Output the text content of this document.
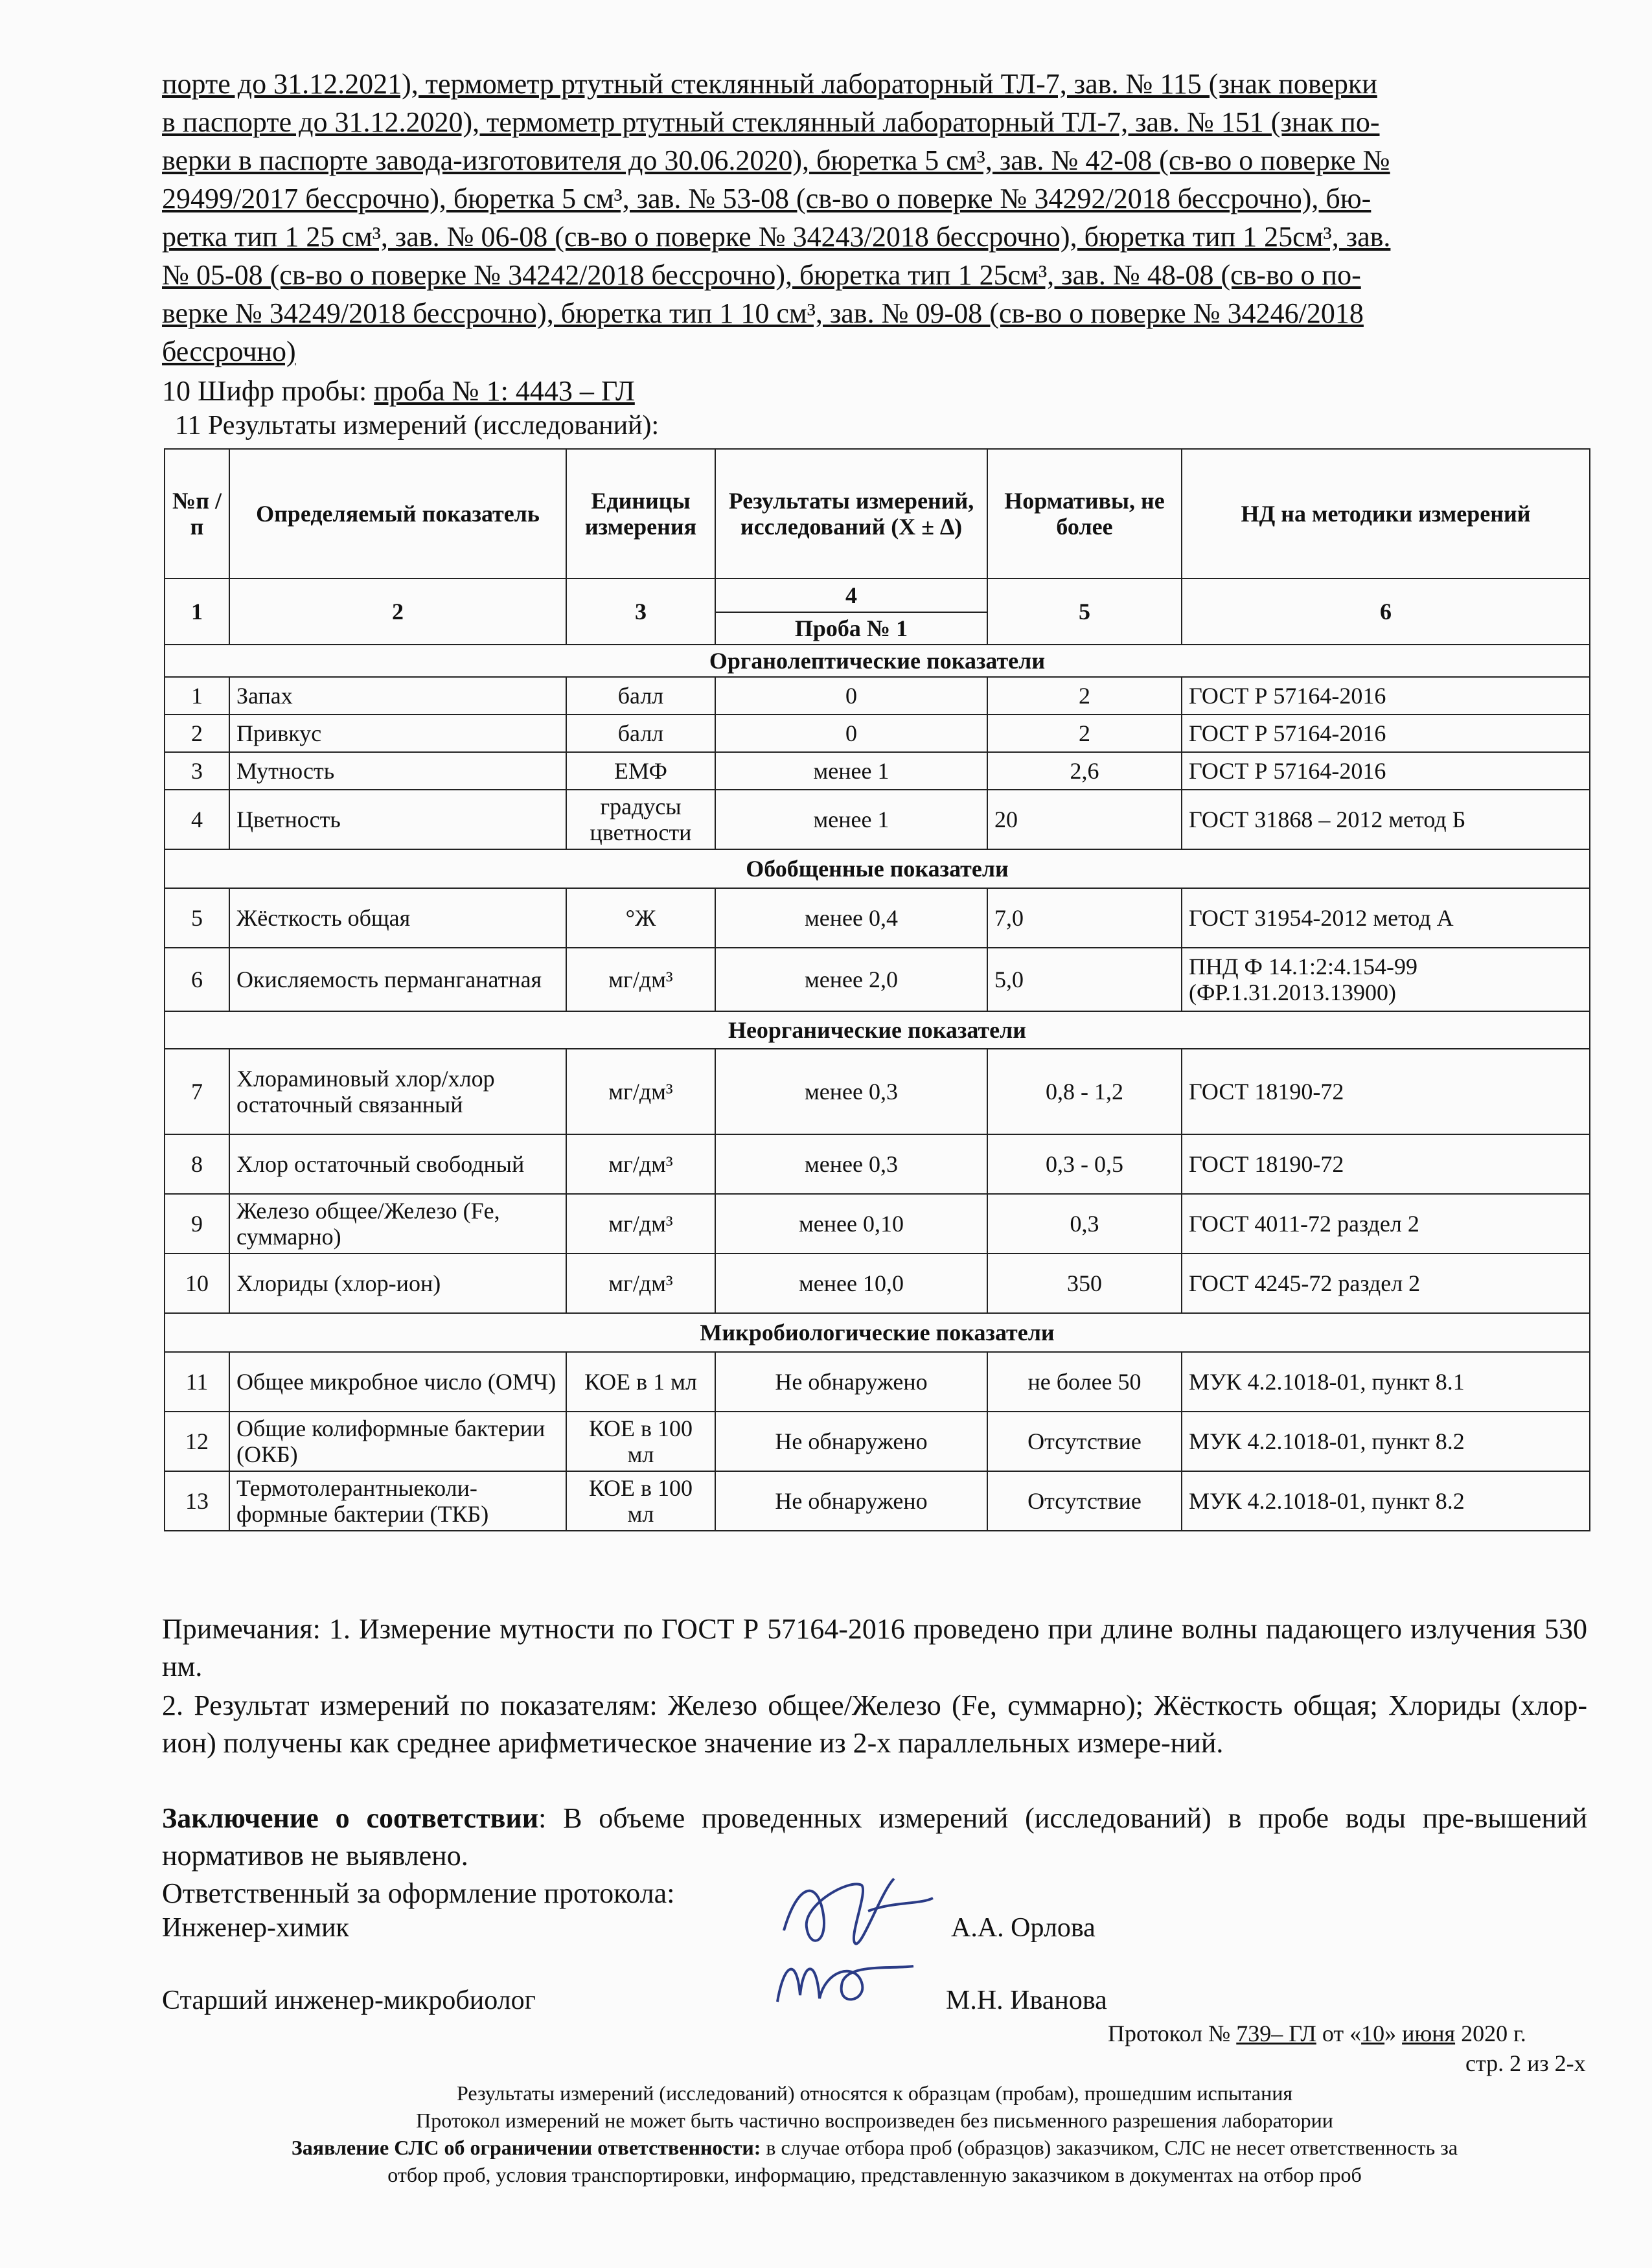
порте до 31.12.2021), термометр ртутный стеклянный лабораторный ТЛ-7, зав. № 115 (знак поверки
в паспорте до 31.12.2020), термометр ртутный стеклянный лабораторный ТЛ-7, зав. № 151 (знак по-
верки в паспорте завода-изготовителя до 30.06.2020), бюретка 5 см³, зав. № 42-08 (св-во о поверке №
29499/2017 бессрочно), бюретка 5 см³, зав. № 53-08 (св-во о поверке № 34292/2018 бессрочно), бю-
ретка тип 1 25 см³, зав. № 06-08 (св-во о поверке № 34243/2018 бессрочно), бюретка тип 1 25см³, зав.
№ 05-08 (св-во о поверке № 34242/2018 бессрочно), бюретка тип 1 25см³, зав. № 48-08 (св-во о по-
верке № 34249/2018 бессрочно), бюретка тип 1 10 см³, зав. № 09-08 (св-во о поверке № 34246/2018
бессрочно)
10 Шифр пробы: проба № 1: 4443 – ГЛ
11 Результаты измерений (исследований):
№п /п	Определяемый показатель	Единицы измерения	Результаты измерений, исследований (Х ± ∆)	Нормативы, не более	НД на методики измерений
1	2	3	4	5	6
			Проба № 1		
Органолептические показатели					
1	Запах	балл	0	2	ГОСТ Р 57164-2016
2	Привкус	балл	0	2	ГОСТ Р 57164-2016
3	Мутность	ЕМФ	менее 1	2,6	ГОСТ Р 57164-2016
4	Цветность	градусы цветности	менее 1	20	ГОСТ 31868 – 2012 метод Б
Обобщенные показатели					
5	Жёсткость общая	°Ж	менее 0,4	7,0	ГОСТ 31954-2012 метод А
6	Окисляемость перманганатная	мг/дм³	менее 2,0	5,0	ПНД Ф 14.1:2:4.154-99 (ФР.1.31.2013.13900)
Неорганические показатели					
7	Хлораминовый хлор/хлор остаточный связанный	мг/дм³	менее 0,3	0,8 - 1,2	ГОСТ 18190-72
8	Хлор остаточный свободный	мг/дм³	менее 0,3	0,3 - 0,5	ГОСТ 18190-72
9	Железо общее/Железо (Fe, суммарно)	мг/дм³	менее 0,10	0,3	ГОСТ 4011-72 раздел 2
10	Хлориды (хлор-ион)	мг/дм³	менее 10,0	350	ГОСТ 4245-72 раздел 2
Микробиологические показатели					
11	Общее микробное число (ОМЧ)	КОЕ в 1 мл	Не обнаружено	не более 50	МУК 4.2.1018-01, пункт 8.1
12	Общие колиформные бактерии (ОКБ)	КОЕ в 100 мл	Не обнаружено	Отсутствие	МУК 4.2.1018-01, пункт 8.2
13	Термотолерантныеколи-формные бактерии (ТКБ)	КОЕ в 100 мл	Не обнаружено	Отсутствие	МУК 4.2.1018-01, пункт 8.2
Примечания: 1. Измерение мутности по ГОСТ Р 57164-2016 проведено при длине волны падающего излучения 530 нм.
2. Результат измерений по показателям: Железо общее/Железо (Fe, суммарно); Жёсткость общая; Хлориды (хлор-ион) получены как среднее арифметическое значение из 2-х параллельных измере-ний.
Заключение о соответствии: В объеме проведенных измерений (исследований) в пробе воды пре-вышений нормативов не выявлено.
Ответственный за оформление протокола:
Инженер-химик	А.А. Орлова
Старший инженер-микробиолог	М.Н. Иванова
Протокол № 739– ГЛ от «10» июня 2020 г.
стр. 2 из 2-х
Результаты измерений (исследований) относятся к образцам (пробам), прошедшим испытания
Протокол измерений не может быть частично воспроизведен без письменного разрешения лаборатории
Заявление СЛС об ограничении ответственности: в случае отбора проб (образцов) заказчиком, СЛС не несет ответственность за
отбор проб, условия транспортировки, информацию, представленную заказчиком в документах на отбор проб
